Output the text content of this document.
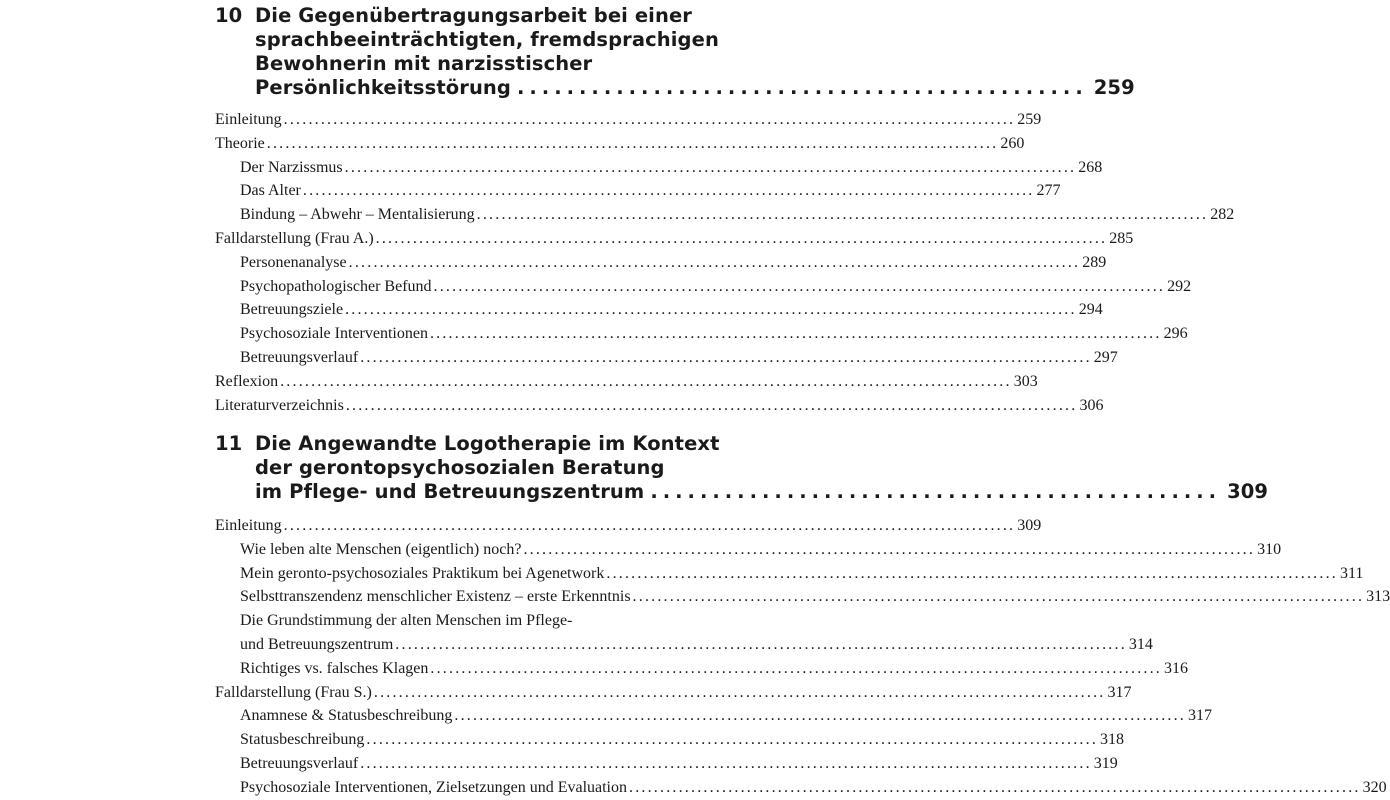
10 Die Gegenübertragungsarbeit bei einer
sprachbeeinträchtigten, fremdsprachigen
Bewohnerin mit narzisstischer
Persönlichkeitsstörung .............................................. 259
Einleitung ...................................................................................................................... 259
Theorie ...................................................................................................................... 260
Der Narzissmus ...................................................................................................................... 268
Das Alter ...................................................................................................................... 277
Bindung – Abwehr – Mentalisierung ...................................................................................................................... 282
Falldarstellung (Frau A.) ...................................................................................................................... 285
Personenanalyse ...................................................................................................................... 289
Psychopathologischer Befund ...................................................................................................................... 292
Betreuungsziele ...................................................................................................................... 294
Psychosoziale Interventionen ...................................................................................................................... 296
Betreuungsverlauf ...................................................................................................................... 297
Reflexion ...................................................................................................................... 303
Literaturverzeichnis ...................................................................................................................... 306
11 Die Angewandte Logotherapie im Kontext
der gerontopsychosozialen Beratung
im Pflege- und Betreuungszentrum .............................................. 309
Einleitung ...................................................................................................................... 309
Wie leben alte Menschen (eigentlich) noch? ...................................................................................................................... 310
Mein geronto-psychosoziales Praktikum bei Agenetwork ...................................................................................................................... 311
Selbsttranszendenz menschlicher Existenz – erste Erkenntnis ...................................................................................................................... 313
Die Grundstimmung der alten Menschen im Pflege-
und Betreuungszentrum ...................................................................................................................... 314
Richtiges vs. falsches Klagen ...................................................................................................................... 316
Falldarstellung (Frau S.) ...................................................................................................................... 317
Anamnese & Statusbeschreibung ...................................................................................................................... 317
Statusbeschreibung ...................................................................................................................... 318
Betreuungsverlauf ...................................................................................................................... 319
Psychosoziale Interventionen, Zielsetzungen und Evaluation ...................................................................................................................... 320
